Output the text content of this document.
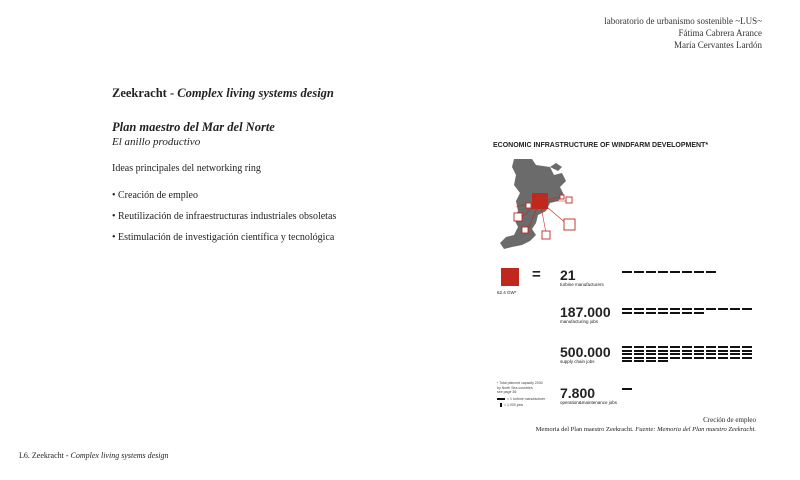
laboratorio de urbanismo sostenible ~LUS~
Fátima Cabrera Arance
María Cervantes Lardón
Zeekracht - Complex living systems design
Plan maestro del Mar del Norte
El anillo productivo
Ideas principales del networking ring
• Creación de empleo
• Reutilización de infraestructuras industriales obsoletas
• Estimulación de investigación científica y tecnológica
ECONOMIC INFRASTRUCTURE OF WINDFARM DEVELOPMENT*
62.4 GW*
= 21
turbine manufacturers
187.000
manufacturing jobs
500.000
supply chain jobs
7.800
operation&maintenance jobs
* Total planned capacity 2030
by North Sea countries
see page 36
= 1 turbine manufacturer
= 1.000 jobs
Creción de empleo
Memoria del Plan maestro Zeekracht. Fuente: Memoria del Plan maestro Zeekracht.
L6. Zeekracht - Complex living systems design
